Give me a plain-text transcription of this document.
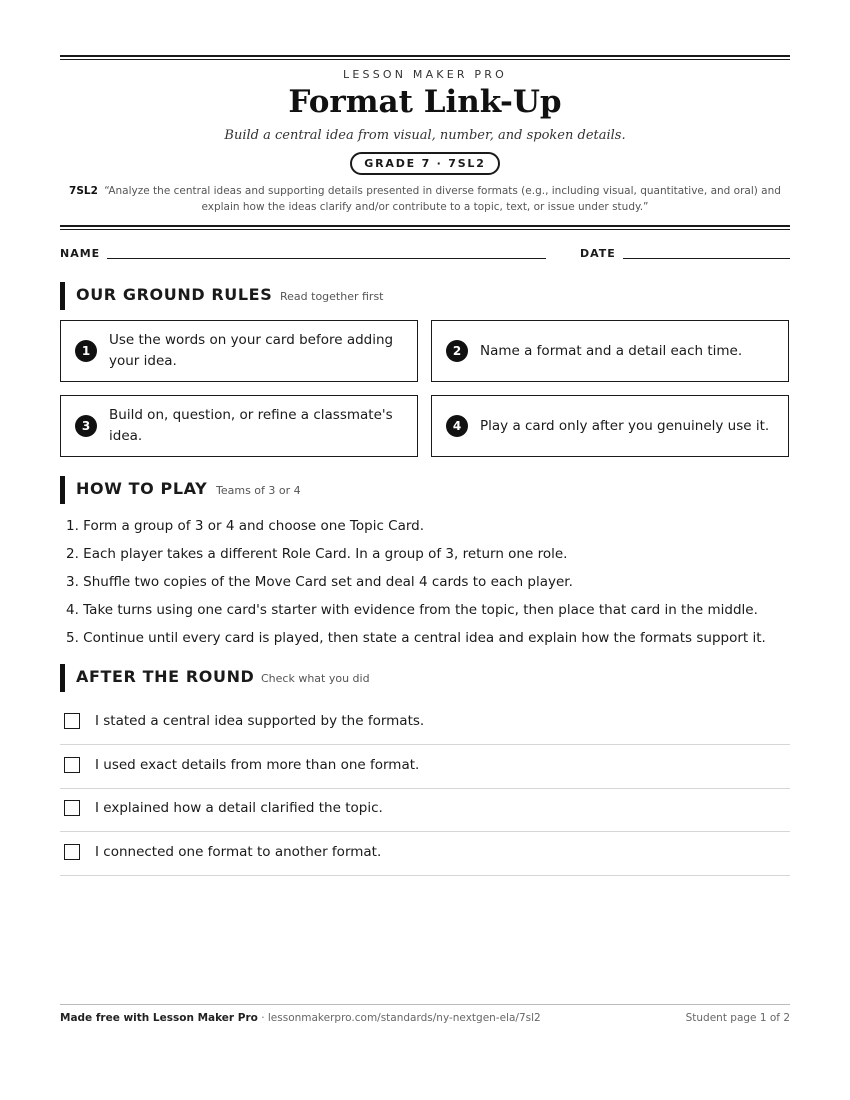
LESSON MAKER PRO
Format Link-Up
Build a central idea from visual, number, and spoken details.
GRADE 7 · 7SL2
7SL2 “Analyze the central ideas and supporting details presented in diverse formats (e.g., including visual, quantitative, and oral) and explain how the ideas clarify and/or contribute to a topic, text, or issue under study.”
NAME	DATE
OUR GROUND RULES Read together first
1
Use the words on your card before adding your idea.
2	Name a format and a detail each time.
3
Build on, question, or refine a classmate's idea.
4	Play a card only after you genuinely use it.
HOW TO PLAY Teams of 3 or 4
1. Form a group of 3 or 4 and choose one Topic Card.
2. Each player takes a different Role Card. In a group of 3, return one role.
3. Shuffle two copies of the Move Card set and deal 4 cards to each player.
4. Take turns using one card's starter with evidence from the topic, then place that card in the middle.
5. Continue until every card is played, then state a central idea and explain how the formats support it.
AFTER THE ROUND Check what you did
I stated a central idea supported by the formats.
I used exact details from more than one format.
I explained how a detail clarified the topic.
I connected one format to another format.
Made free with Lesson Maker Pro · lessonmakerpro.com/standards/ny-nextgen-ela/7sl2	Student page 1 of 2
